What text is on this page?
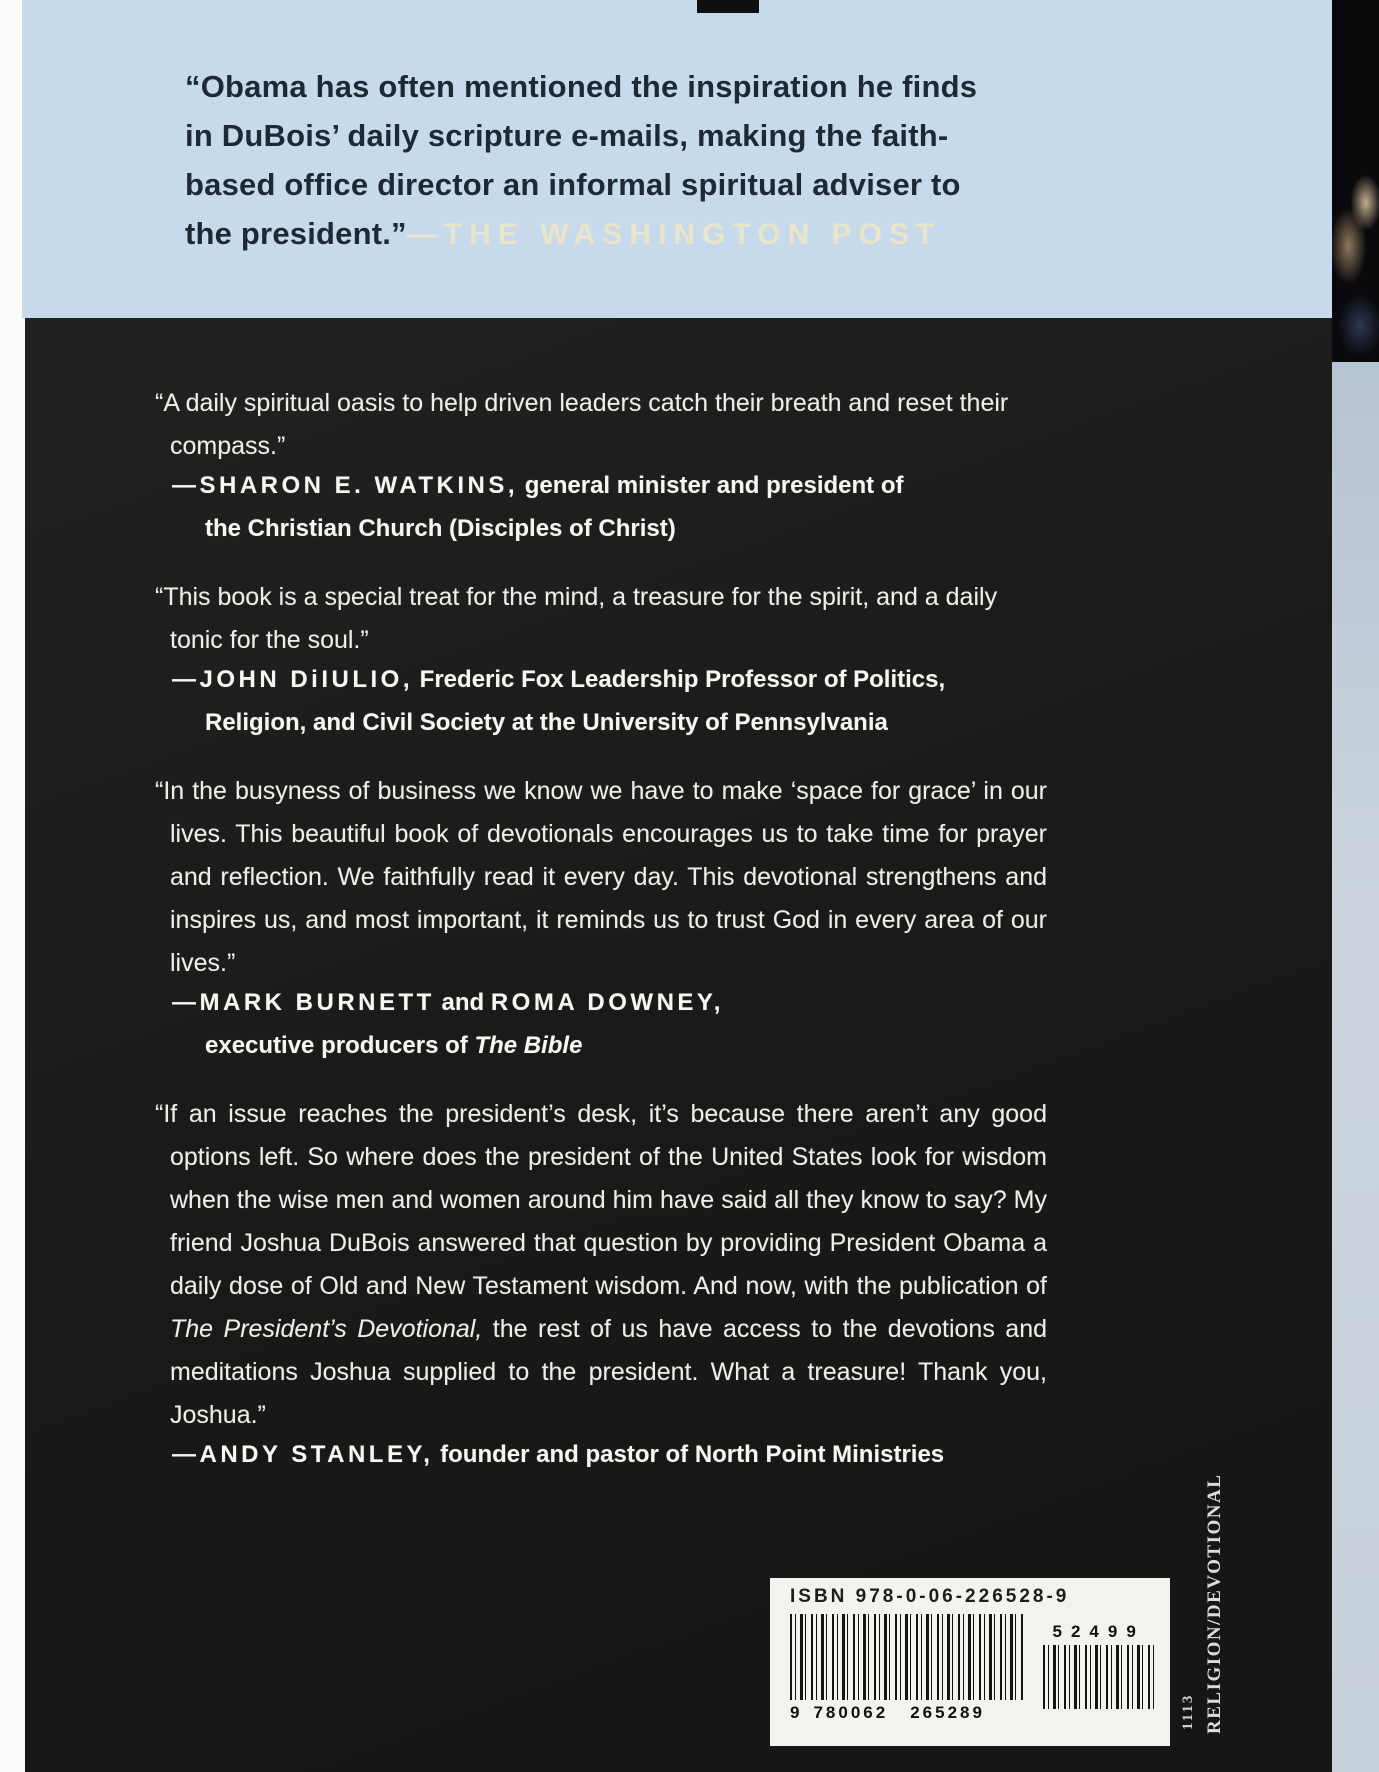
“Obama has often mentioned the inspiration he finds
in DuBois’ daily scripture e-mails, making the faith-
based office director an informal spiritual adviser to
the president.”—THE WASHINGTON POST

“A daily spiritual oasis to help driven leaders catch their breath and reset their compass.”

—SHARON E. WATKINS, general minister and president of
the Christian Church (Disciples of Christ)

“This book is a special treat for the mind, a treasure for the spirit, and a daily tonic for the soul.”

—JOHN DiIULIO, Frederic Fox Leadership Professor of Politics,
Religion, and Civil Society at the University of Pennsylvania

“In the busyness of business we know we have to make ‘space for grace’ in our lives. This beautiful book of devotionals encourages us to take time for prayer and reflection. We faithfully read it every day. This devotional strengthens and inspires us, and most important, it reminds us to trust God in every area of our lives.”

—MARK BURNETT and ROMA DOWNEY,
executive producers of The Bible

“If an issue reaches the president’s desk, it’s because there aren’t any good options left. So where does the president of the United States look for wisdom when the wise men and women around him have said all they know to say? My friend Joshua DuBois answered that question by providing President Obama a daily dose of Old and New Testament wisdom. And now, with the publication of The President’s Devotional, the rest of us have access to the devotions and meditations Joshua supplied to the president. What a treasure! Thank you, Joshua.”

—ANDY STANLEY, founder and pastor of North Point Ministries

ISBN 978-0-06-226528-9
9 780062 265289
52499	RELIGION/DEVOTIONAL
1113
